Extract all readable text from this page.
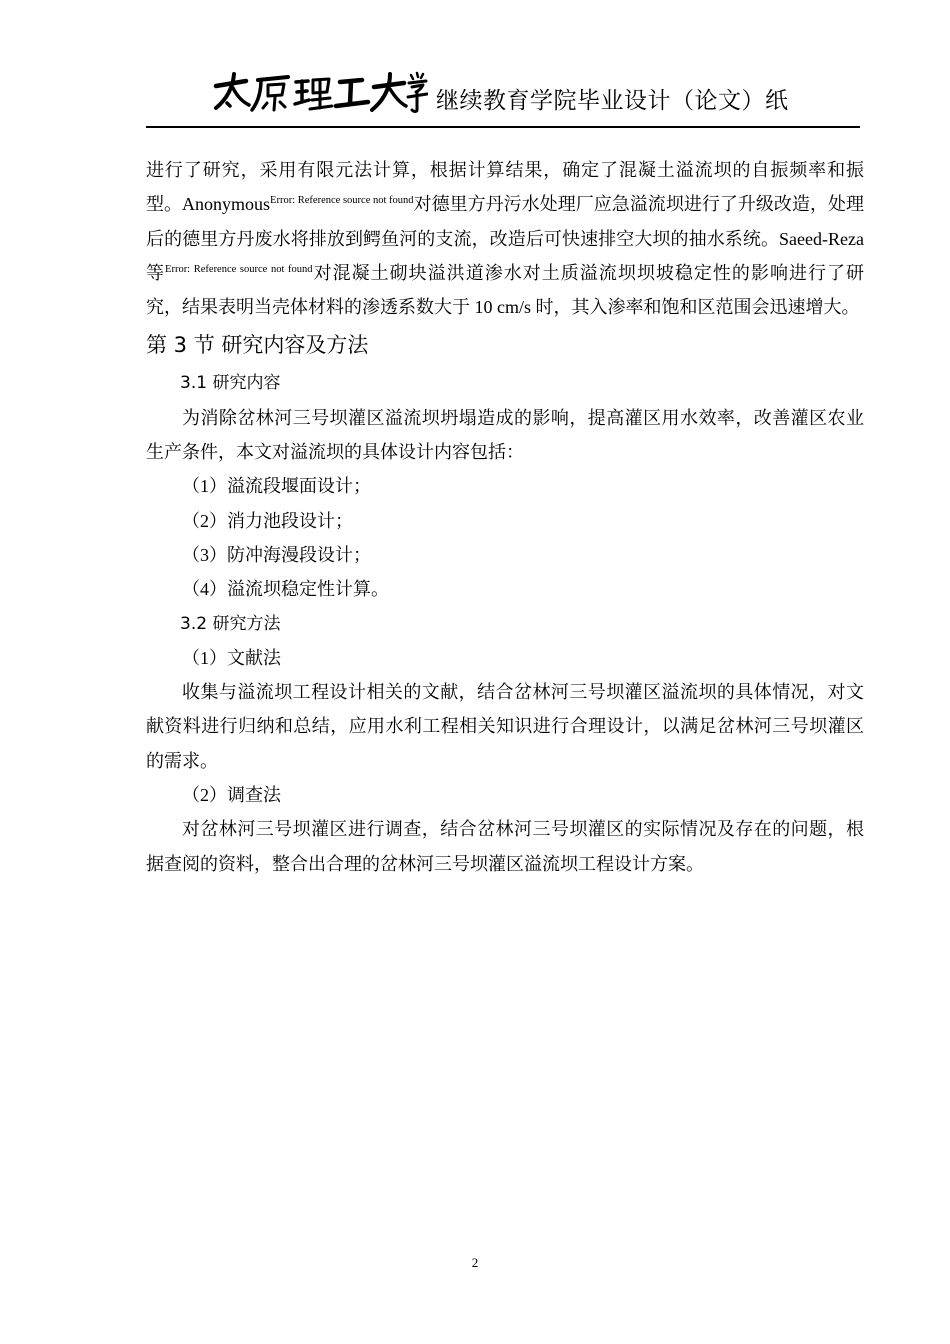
继续教育学院毕业设计（论文）纸

进行了研究，采用有限元法计算，根据计算结果，确定了混凝土溢流坝的自振频率和振型。Anonymous$^{Error: Reference source not found}$对德里方丹污水处理厂应急溢流坝进行了升级改造，处理后的德里方丹废水将排放到鳄鱼河的支流，改造后可快速排空大坝的抽水系统。Saeed-Reza 等$^{Error: Reference source not found}$对混凝土砌块溢洪道渗水对土质溢流坝坝坡稳定性的影响进行了研究，结果表明当壳体材料的渗透系数大于 10 cm/s 时，其入渗率和饱和区范围会迅速增大。

第 3 节 研究内容及方法
3.1 研究内容

为消除岔林河三号坝灌区溢流坝坍塌造成的影响，提高灌区用水效率，改善灌区农业生产条件，本文对溢流坝的具体设计内容包括：

（1）溢流段堰面设计；

（2）消力池段设计；

（3）防冲海漫段设计；

（4）溢流坝稳定性计算。

3.2 研究方法

（1）文献法

收集与溢流坝工程设计相关的文献，结合岔林河三号坝灌区溢流坝的具体情况，对文献资料进行归纳和总结，应用水利工程相关知识进行合理设计，以满足岔林河三号坝灌区的需求。

（2）调查法

对岔林河三号坝灌区进行调查，结合岔林河三号坝灌区的实际情况及存在的问题，根据查阅的资料，整合出合理的岔林河三号坝灌区溢流坝工程设计方案。

2
